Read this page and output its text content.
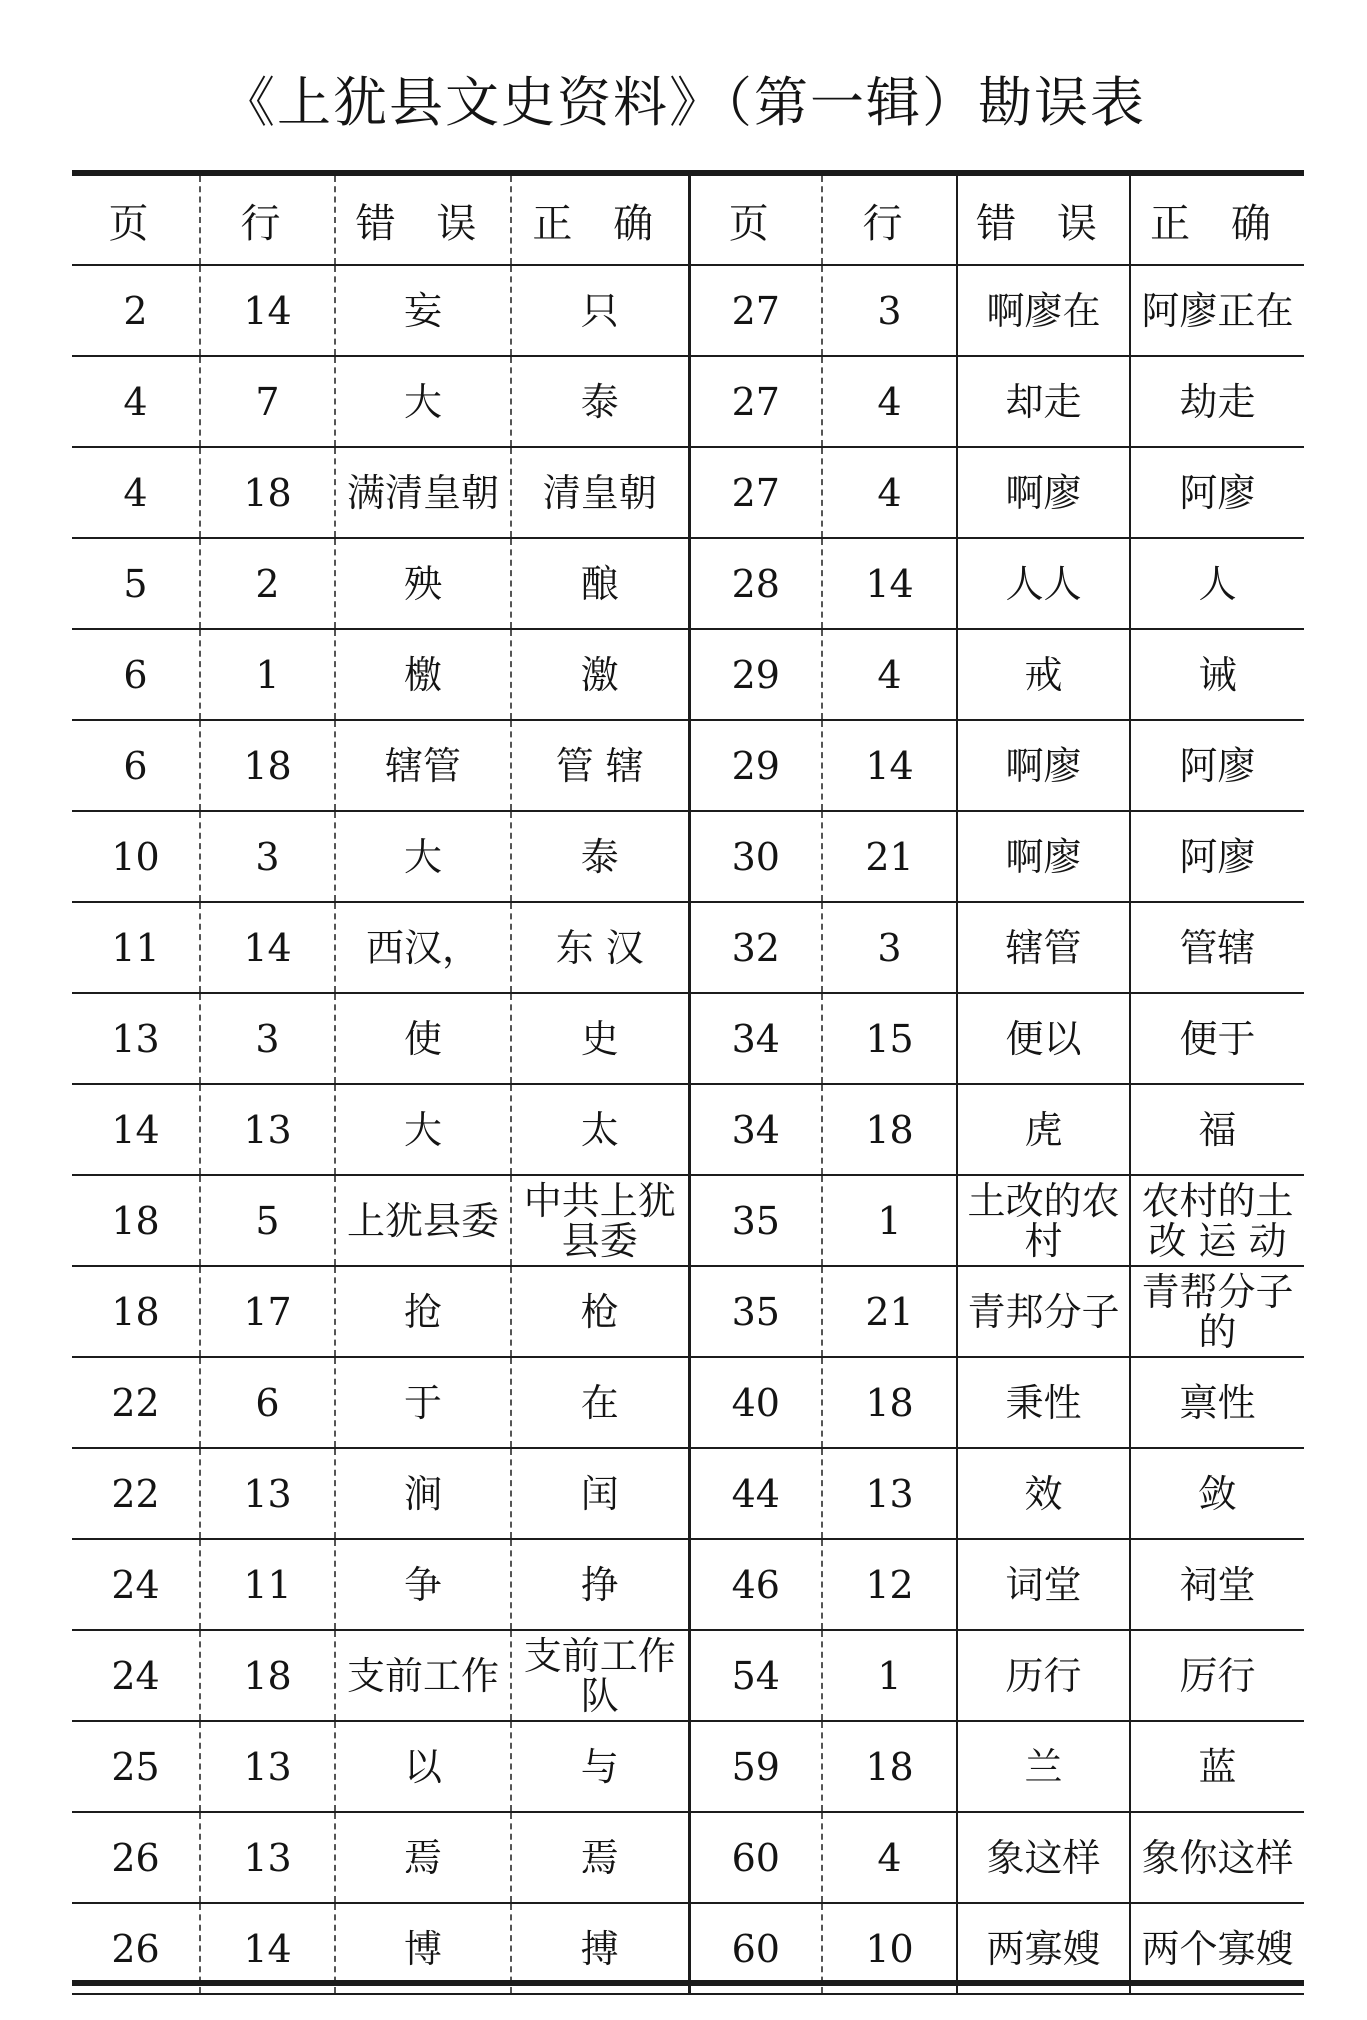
《上犹县文史资料》（第一辑）勘误表
页	行	错 误	正 确	页	行	错 误	正 确
2	14	妄	只	27	3	啊廖在	阿廖正在
4	7	大	泰	27	4	却走	劫走
4	18	满清皇朝	清皇朝	27	4	啊廖	阿廖
5	2	殃	酿	28	14	人人	人
6	1	檄	激	29	4	戒	诫
6	18	辖管	管 辖	29	14	啊廖	阿廖
10	3	大	泰	30	21	啊廖	阿廖
11	14	西汉，	东 汉	32	3	辖管	管辖
13	3	使	史	34	15	便以	便于
14	13	大	太	34	18	虎	福
18	5	上犹县委	中共上犹县委	35	1	土改的农 村	农村的土改 运 动
18	17	抢	枪	35	21	青邦分子	青帮分子 的
22	6	于	在	40	18	秉性	禀性
22	13	涧	闰	44	13	效	敛
24	11	争	挣	46	12	词堂	祠堂
24	18	支前工作	支前工作 队	54	1	历行	厉行
25	13	以	与	59	18	兰	蓝
26	13	焉	焉	60	4	象这样	象你这样
26	14	博	搏	60	10	两寡嫂	两个寡嫂
